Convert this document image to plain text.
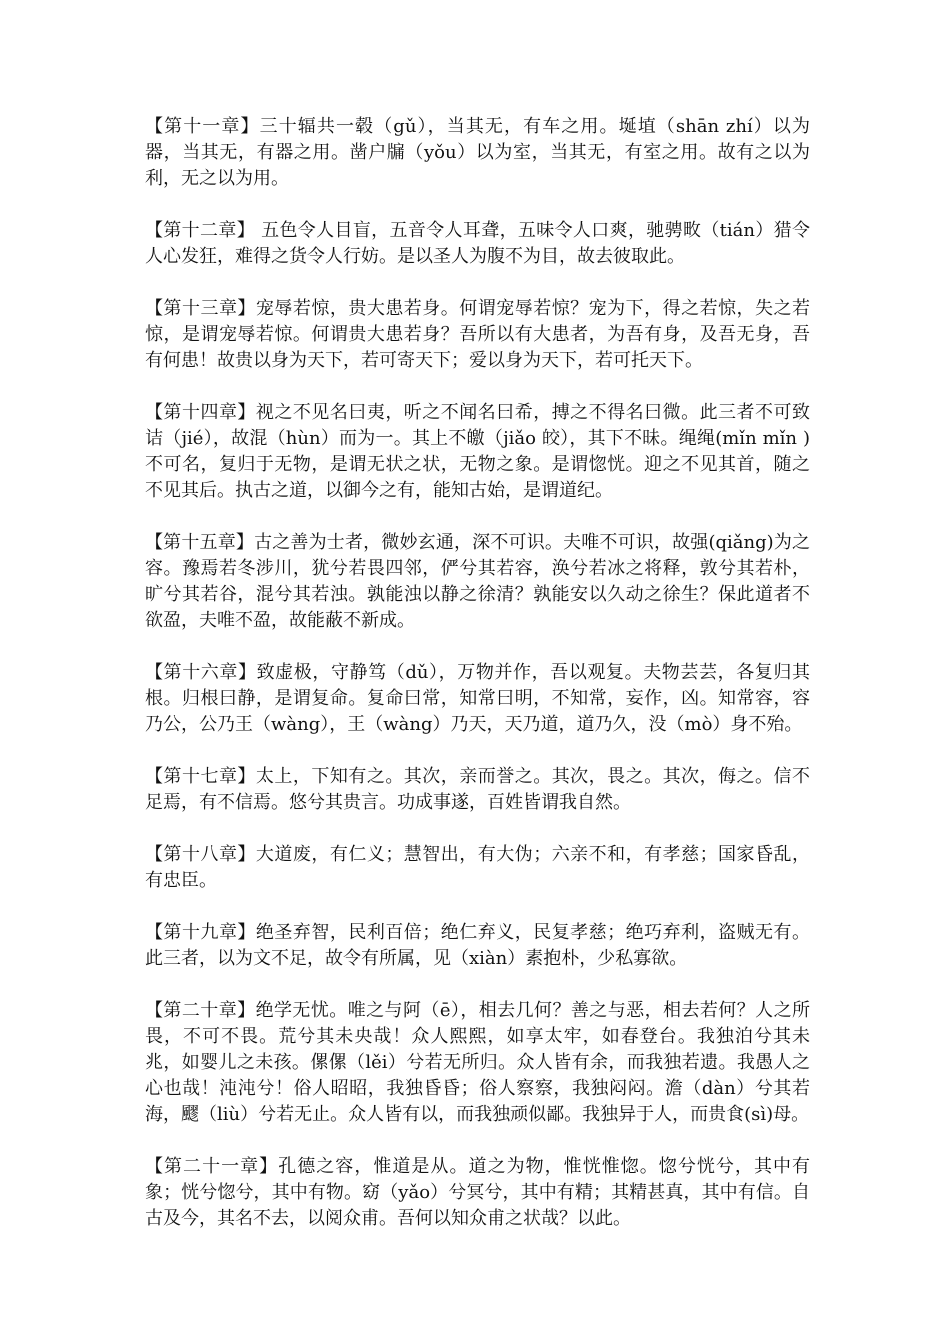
【第十一章】三十辐共一毂（gǔ），当其无，有车之用。埏埴（shān zhí）以为器，当其无，有器之用。凿户牖（yǒu）以为室，当其无，有室之用。故有之以为利，无之以为用。

【第十二章】 五色令人目盲，五音令人耳聋，五味令人口爽，驰骋畋（tián）猎令人心发狂，难得之货令人行妨。是以圣人为腹不为目，故去彼取此。

【第十三章】宠辱若惊，贵大患若身。何谓宠辱若惊？宠为下，得之若惊，失之若惊，是谓宠辱若惊。何谓贵大患若身？吾所以有大患者，为吾有身，及吾无身，吾有何患！故贵以身为天下，若可寄天下；爱以身为天下，若可托天下。

【第十四章】视之不见名曰夷，听之不闻名曰希，搏之不得名曰微。此三者不可致诘（jié），故混（hùn）而为一。其上不皦（jiǎo 皎），其下不昧。绳绳(mǐn mǐn )不可名，复归于无物，是谓无状之状，无物之象。是谓惚恍。迎之不见其首，随之不见其后。执古之道，以御今之有，能知古始，是谓道纪。

【第十五章】古之善为士者，微妙玄通，深不可识。夫唯不可识，故强(qiǎng)为之容。豫焉若冬涉川，犹兮若畏四邻，俨兮其若容，涣兮若冰之将释，敦兮其若朴，旷兮其若谷，混兮其若浊。孰能浊以静之徐清？孰能安以久动之徐生？保此道者不欲盈，夫唯不盈，故能蔽不新成。

【第十六章】致虚极，守静笃（dǔ），万物并作，吾以观复。夫物芸芸，各复归其根。归根曰静，是谓复命。复命曰常，知常曰明，不知常，妄作，凶。知常容，容乃公，公乃王（wàng），王（wàng）乃天，天乃道，道乃久，没（mò）身不殆。

【第十七章】太上，下知有之。其次，亲而誉之。其次，畏之。其次，侮之。信不足焉，有不信焉。悠兮其贵言。功成事遂，百姓皆谓我自然。

【第十八章】大道废，有仁义；慧智出，有大伪；六亲不和，有孝慈；国家昏乱，有忠臣。

【第十九章】绝圣弃智，民利百倍；绝仁弃义，民复孝慈；绝巧弃利，盗贼无有。此三者，以为文不足，故令有所属，见（xiàn）素抱朴，少私寡欲。

【第二十章】绝学无忧。唯之与阿（ē），相去几何？善之与恶，相去若何？人之所畏，不可不畏。荒兮其未央哉！众人熙熙，如享太牢，如春登台。我独泊兮其未兆，如婴儿之未孩。傫傫（lěi）兮若无所归。众人皆有余，而我独若遗。我愚人之心也哉！沌沌兮！俗人昭昭，我独昏昏；俗人察察，我独闷闷。澹（dàn）兮其若海，飂（liù）兮若无止。众人皆有以，而我独顽似鄙。我独异于人，而贵食(sì)母。

【第二十一章】孔德之容，惟道是从。道之为物，惟恍惟惚。惚兮恍兮，其中有象；恍兮惚兮，其中有物。窈（yǎo）兮冥兮，其中有精；其精甚真，其中有信。自古及今，其名不去，以阅众甫。吾何以知众甫之状哉？以此。
